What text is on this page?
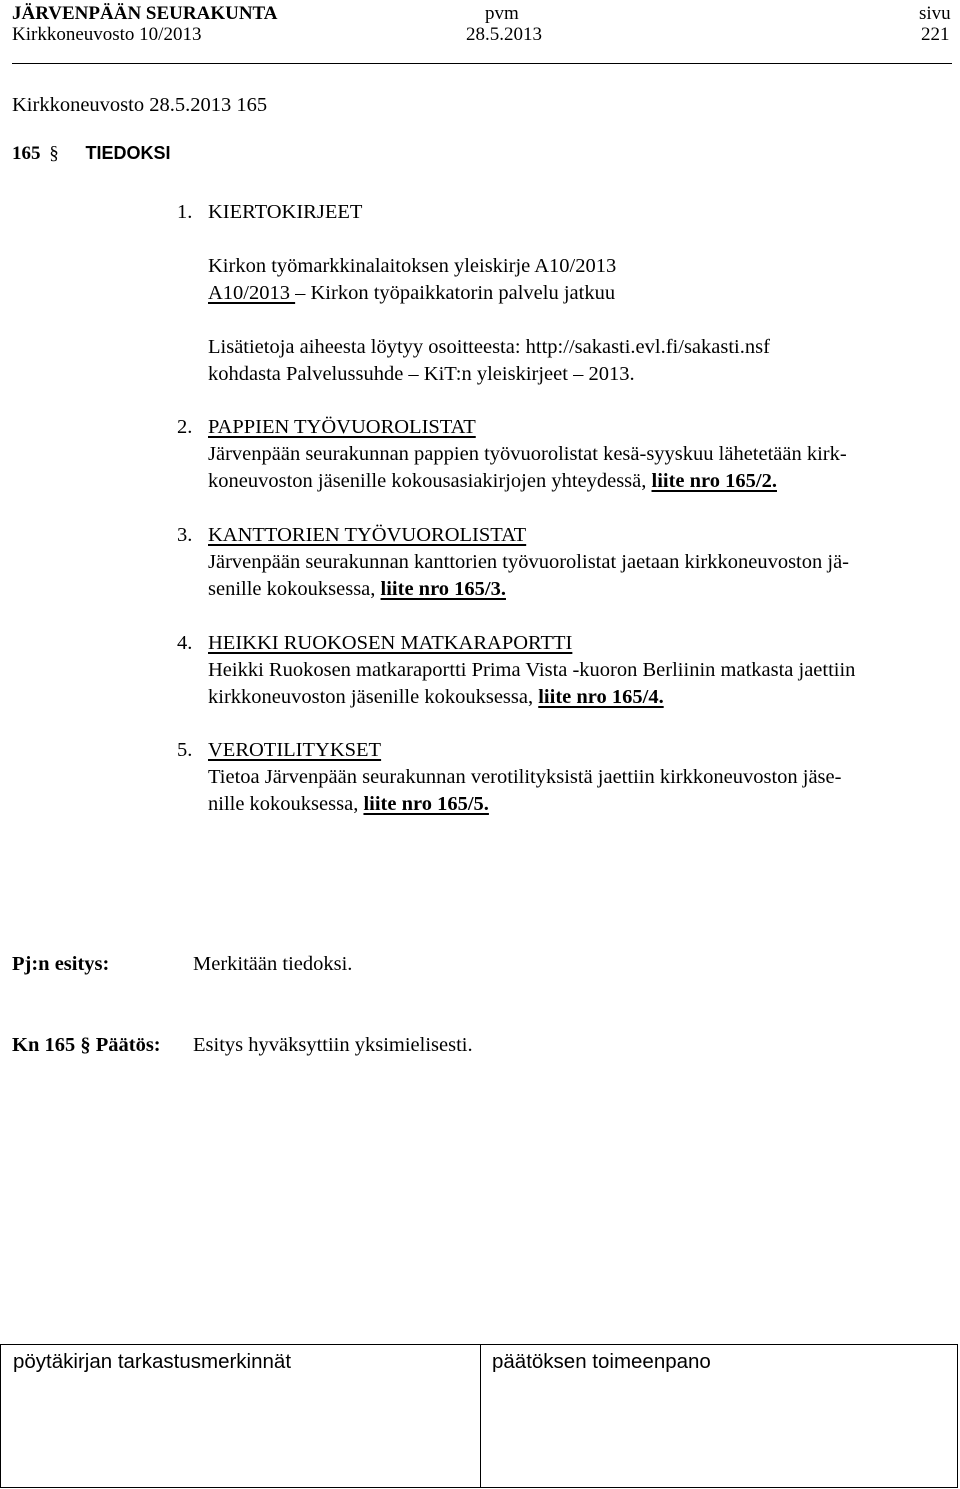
JÄRVENPÄÄN SEURAKUNTA
Kirkkoneuvosto 10/2013
pvm
28.5.2013
sivu
221
Kirkkoneuvosto 28.5.2013 165
165 § TIEDOKSI
1. KIERTOKIRJEET

Kirkon työmarkkinalaitoksen yleiskirje A10/2013

A10/2013 – Kirkon työpaikkatorin palvelu jatkuu

Lisätietoja aiheesta löytyy osoitteesta: http://sakasti.evl.fi/sakasti.nsf

kohdasta Palvelussuhde – KiT:n yleiskirjeet – 2013.

2. PAPPIEN TYÖVUOROLISTAT

Järvenpään seurakunnan pappien työvuorolistat kesä-syyskuu lähetetään kirk-

koneuvoston jäsenille kokousasiakirjojen yhteydessä, liite nro 165/2.

3. KANTTORIEN TYÖVUOROLISTAT

Järvenpään seurakunnan kanttorien työvuorolistat jaetaan kirkkoneuvoston jä-

senille kokouksessa, liite nro 165/3.

4. HEIKKI RUOKOSEN MATKARAPORTTI

Heikki Ruokosen matkaraportti Prima Vista -kuoron Berliinin matkasta jaettiin

kirkkoneuvoston jäsenille kokouksessa, liite nro 165/4.

5. VEROTILITYKSET

Tietoa Järvenpään seurakunnan verotilityksistä jaettiin kirkkoneuvoston jäse-

nille kokouksessa, liite nro 165/5.

Pj:n esitys:	Merkitään tiedoksi.
Kn 165 § Päätös: Esitys hyväksyttiin yksimielisesti.
pöytäkirjan tarkastusmerkinnät	päätöksen toimeenpano
